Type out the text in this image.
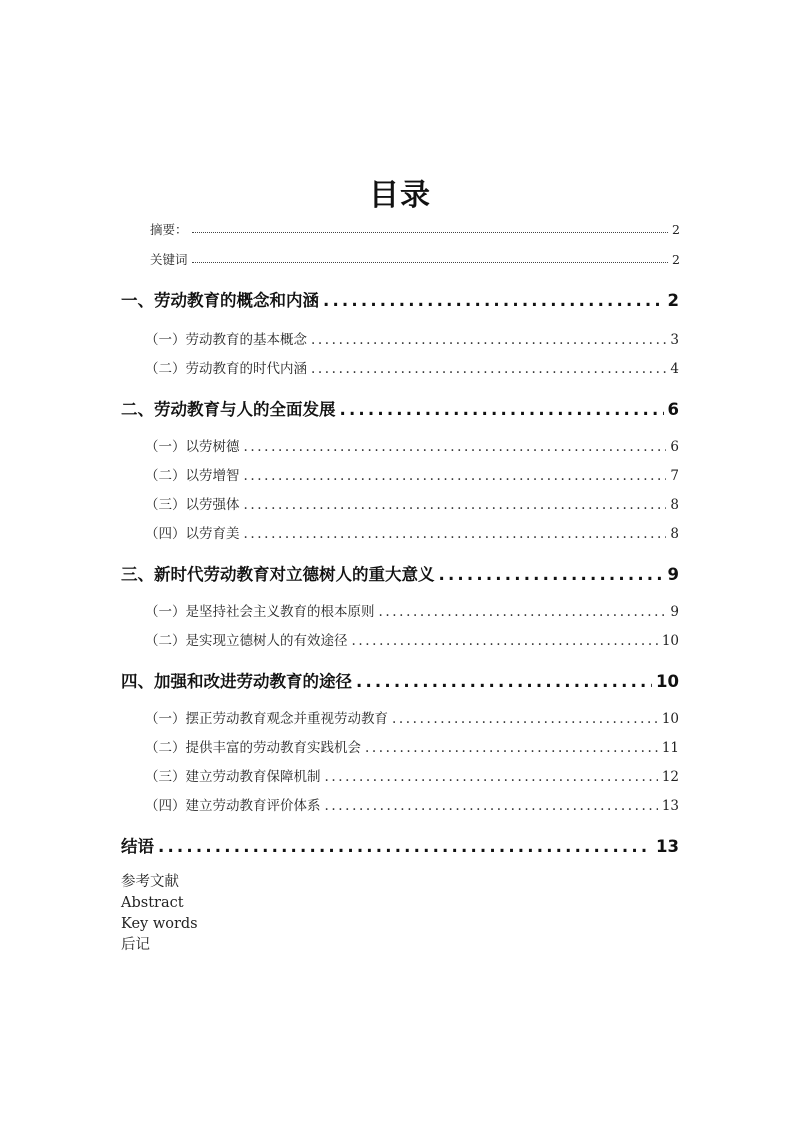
目录
摘要：	2
关键词	2
一、劳动教育的概念和内涵 .....	2
（一）劳动教育的基本概念 .....	3
（二）劳动教育的时代内涵 .....	4
二、劳动教育与人的全面发展 .....	6
（一）以劳树德 .....	6
（二）以劳增智 .....	7
（三）以劳强体 .....	8
（四）以劳育美 .....	8
三、新时代劳动教育对立德树人的重大意义 .....	9
（一）是坚持社会主义教育的根本原则 .....	9
（二）是实现立德树人的有效途径 .....	10
四、加强和改进劳动教育的途径 .....	10
（一）摆正劳动教育观念并重视劳动教育 .....	10
（二）提供丰富的劳动教育实践机会 .....	11
（三）建立劳动教育保障机制 .....	12
（四）建立劳动教育评价体系 .....	13
结语 .....	13
参考文献
Abstract
Key words
后记
